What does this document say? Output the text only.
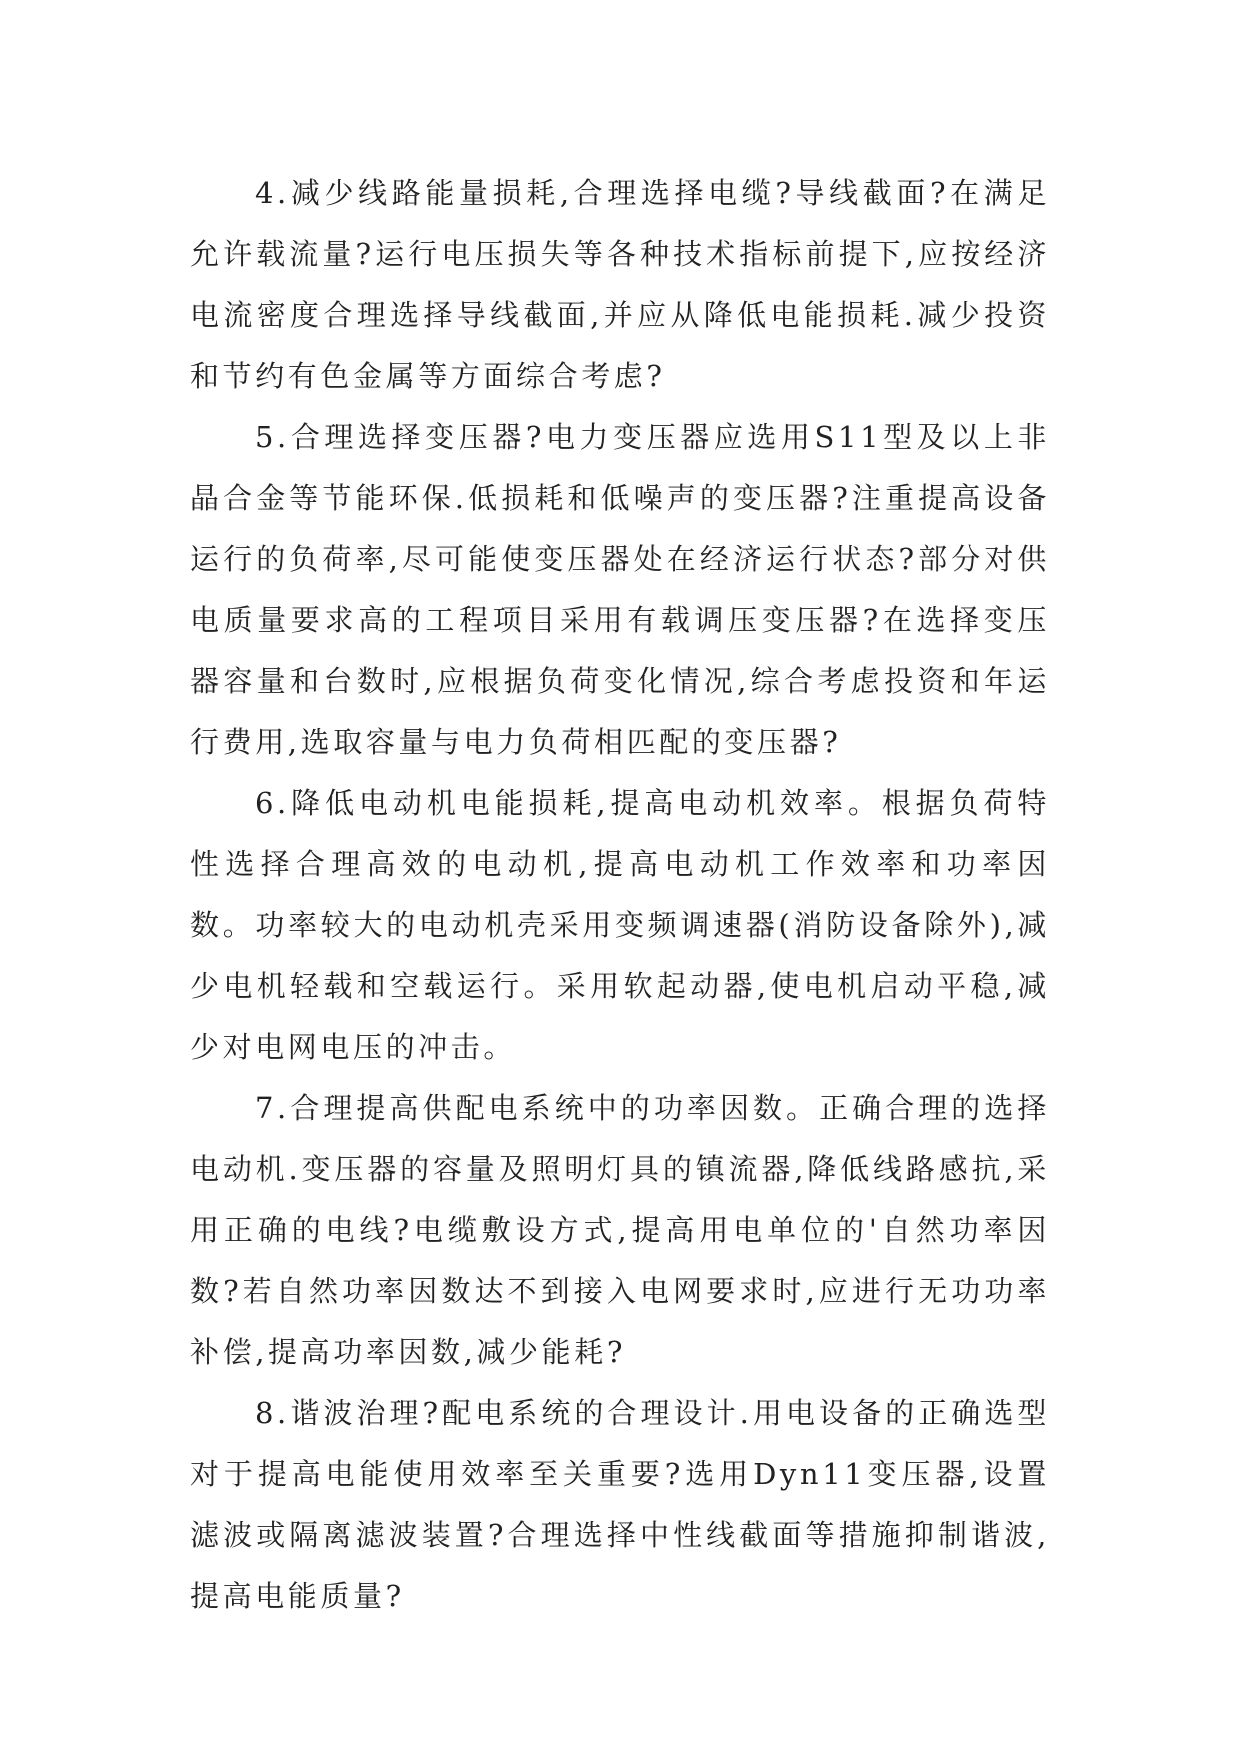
4.减少线路能量损耗,合理选择电缆?导线截面?在满足允许载流量?运行电压损失等各种技术指标前提下,应按经济电流密度合理选择导线截面,并应从降低电能损耗.减少投资和节约有色金属等方面综合考虑?

5.合理选择变压器?电力变压器应选用S11型及以上非晶合金等节能环保.低损耗和低噪声的变压器?注重提高设备运行的负荷率,尽可能使变压器处在经济运行状态?部分对供电质量要求高的工程项目采用有载调压变压器?在选择变压器容量和台数时,应根据负荷变化情况,综合考虑投资和年运行费用,选取容量与电力负荷相匹配的变压器?

6.降低电动机电能损耗,提高电动机效率。根据负荷特性选择合理高效的电动机,提高电动机工作效率和功率因数。功率较大的电动机壳采用变频调速器(消防设备除外),减少电机轻载和空载运行。采用软起动器,使电机启动平稳,减少对电网电压的冲击。

7.合理提高供配电系统中的功率因数。正确合理的选择电动机.变压器的容量及照明灯具的镇流器,降低线路感抗,采用正确的电线?电缆敷设方式,提高用电单位的'自然功率因数?若自然功率因数达不到接入电网要求时,应进行无功功率补偿,提高功率因数,减少能耗?

8.谐波治理?配电系统的合理设计.用电设备的正确选型对于提高电能使用效率至关重要?选用Dyn11变压器,设置滤波或隔离滤波装置?合理选择中性线截面等措施抑制谐波,提高电能质量?
